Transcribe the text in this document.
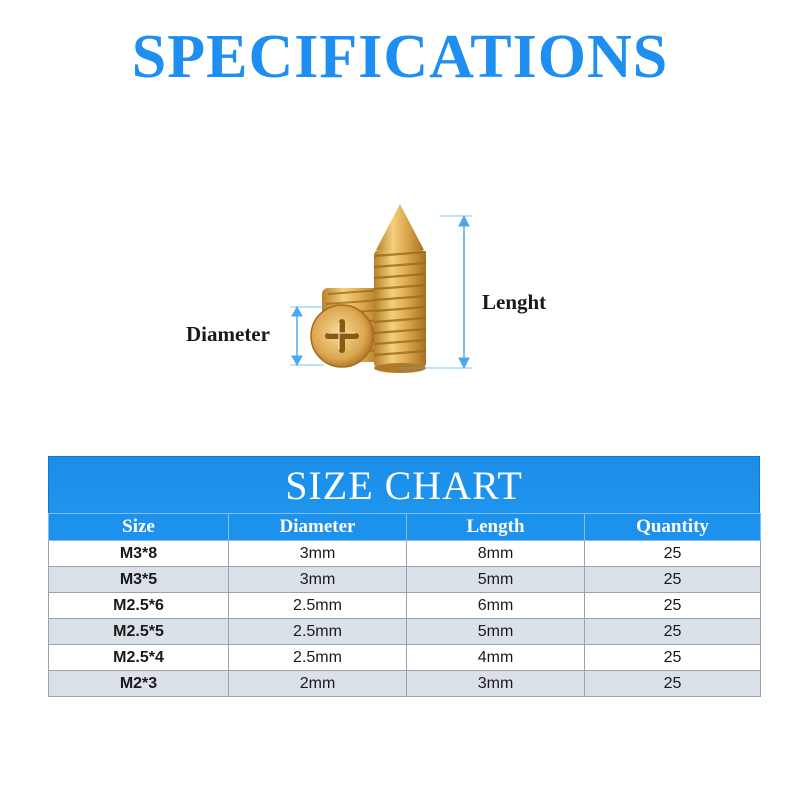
SPECIFICATIONS
Diameter
Lenght
SIZE CHART
Size	Diameter	Length	Quantity
M3*8	3mm	8mm	25
M3*5	3mm	5mm	25
M2.5*6	2.5mm	6mm	25
M2.5*5	2.5mm	5mm	25
M2.5*4	2.5mm	4mm	25
M2*3	2mm	3mm	25
